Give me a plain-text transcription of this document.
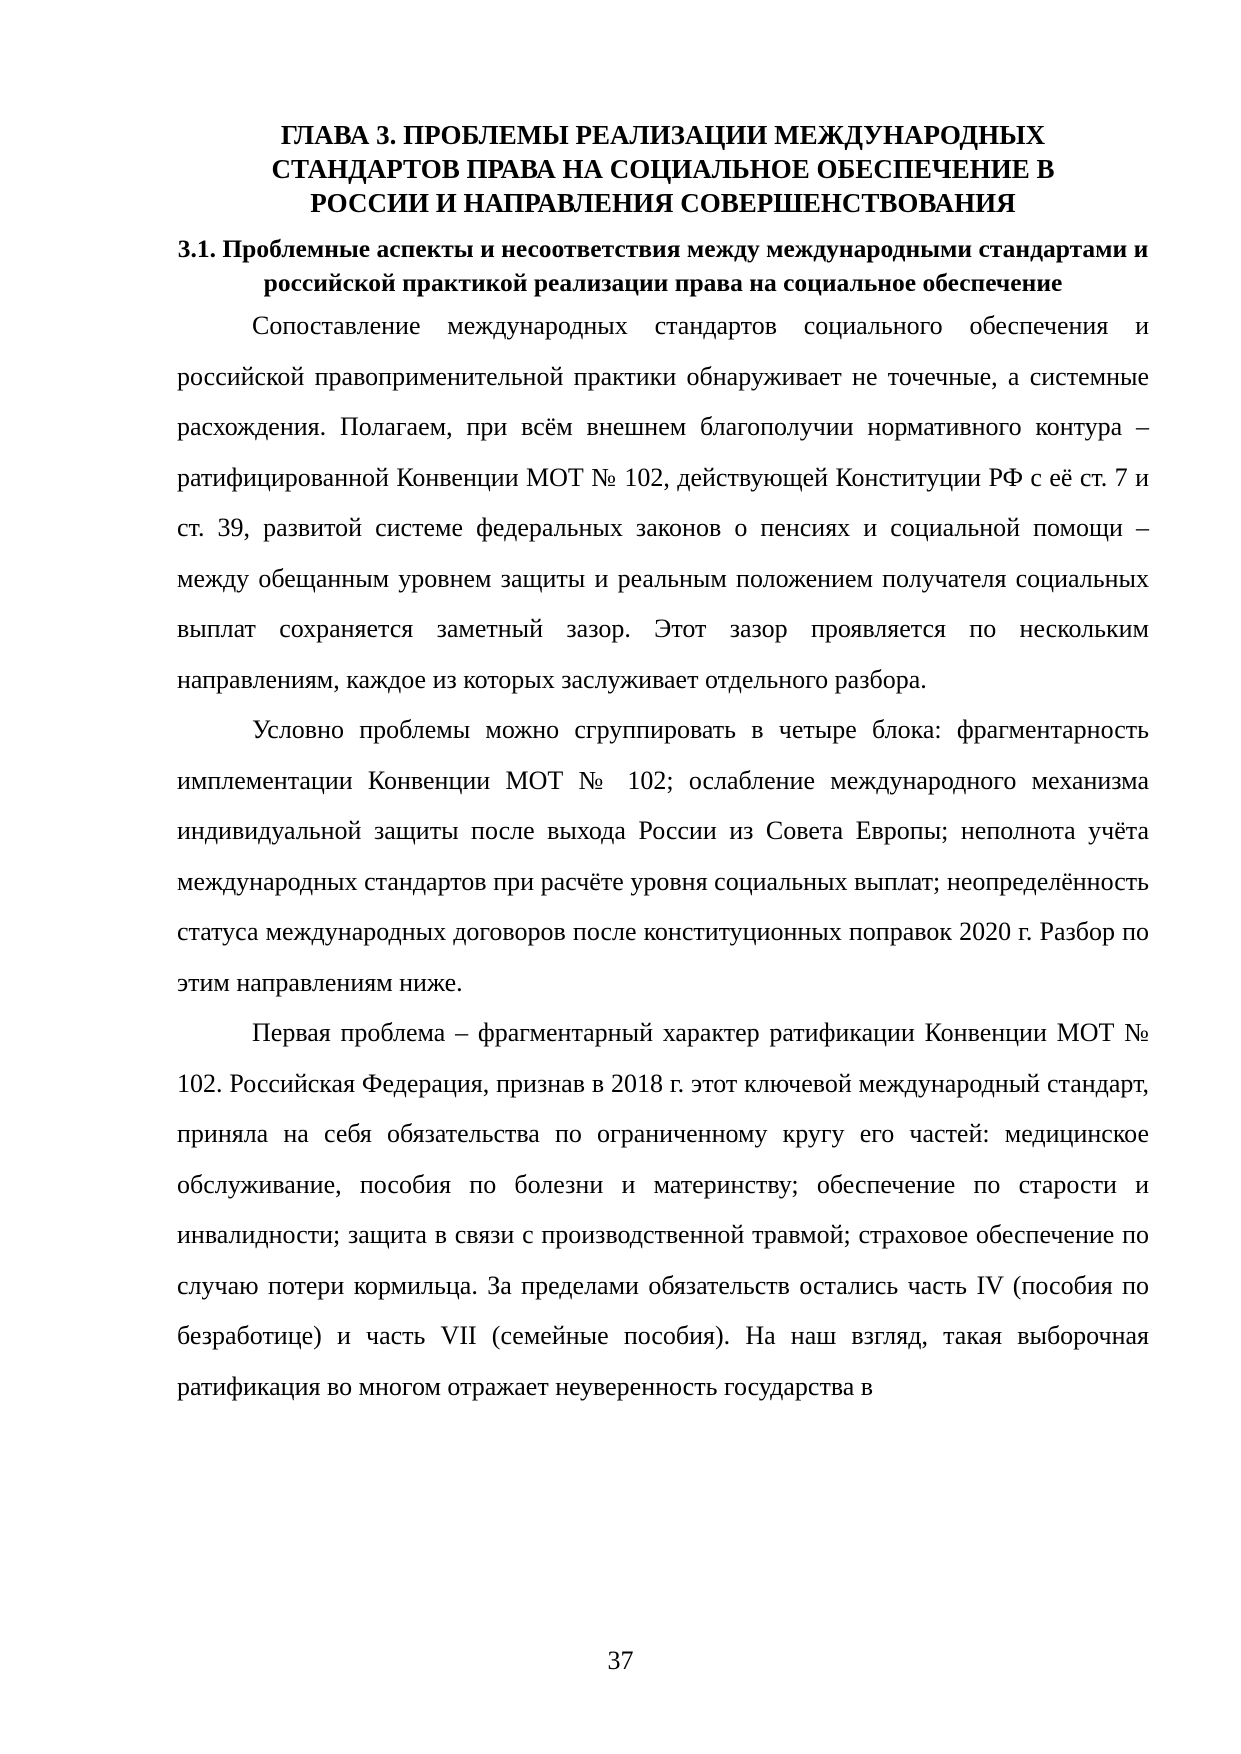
ГЛАВА 3. ПРОБЛЕМЫ РЕАЛИЗАЦИИ МЕЖДУНАРОДНЫХ СТАНДАРТОВ ПРАВА НА СОЦИАЛЬНОЕ ОБЕСПЕЧЕНИЕ В РОССИИ И НАПРАВЛЕНИЯ СОВЕРШЕНСТВОВАНИЯ
3.1. Проблемные аспекты и несоответствия между международными стандартами и российской практикой реализации права на социальное обеспечение

Сопоставление международных стандартов социального обеспечения и российской правоприменительной практики обнаруживает не точечные, а системные расхождения. Полагаем, при всём внешнем благополучии нормативного контура – ратифицированной Конвенции МОТ № 102, действующей Конституции РФ с её ст. 7 и ст. 39, развитой системе федеральных законов о пенсиях и социальной помощи – между обещанным уровнем защиты и реальным положением получателя социальных выплат сохраняется заметный зазор. Этот зазор проявляется по нескольким направлениям, каждое из которых заслуживает отдельного разбора.

Условно проблемы можно сгруппировать в четыре блока: фрагментарность имплементации Конвенции МОТ № 102; ослабление международного механизма индивидуальной защиты после выхода России из Совета Европы; неполнота учёта международных стандартов при расчёте уровня социальных выплат; неопределённость статуса международных договоров после конституционных поправок 2020 г. Разбор по этим направлениям ниже.

Первая проблема – фрагментарный характер ратификации Конвенции МОТ № 102. Российская Федерация, признав в 2018 г. этот ключевой международный стандарт, приняла на себя обязательства по ограниченному кругу его частей: медицинское обслуживание, пособия по болезни и материнству; обеспечение по старости и инвалидности; защита в связи с производственной травмой; страховое обеспечение по случаю потери кормильца. За пределами обязательств остались часть IV (пособия по безработице) и часть VII (семейные пособия). На наш взгляд, такая выборочная ратификация во многом отражает неуверенность государства в

37
